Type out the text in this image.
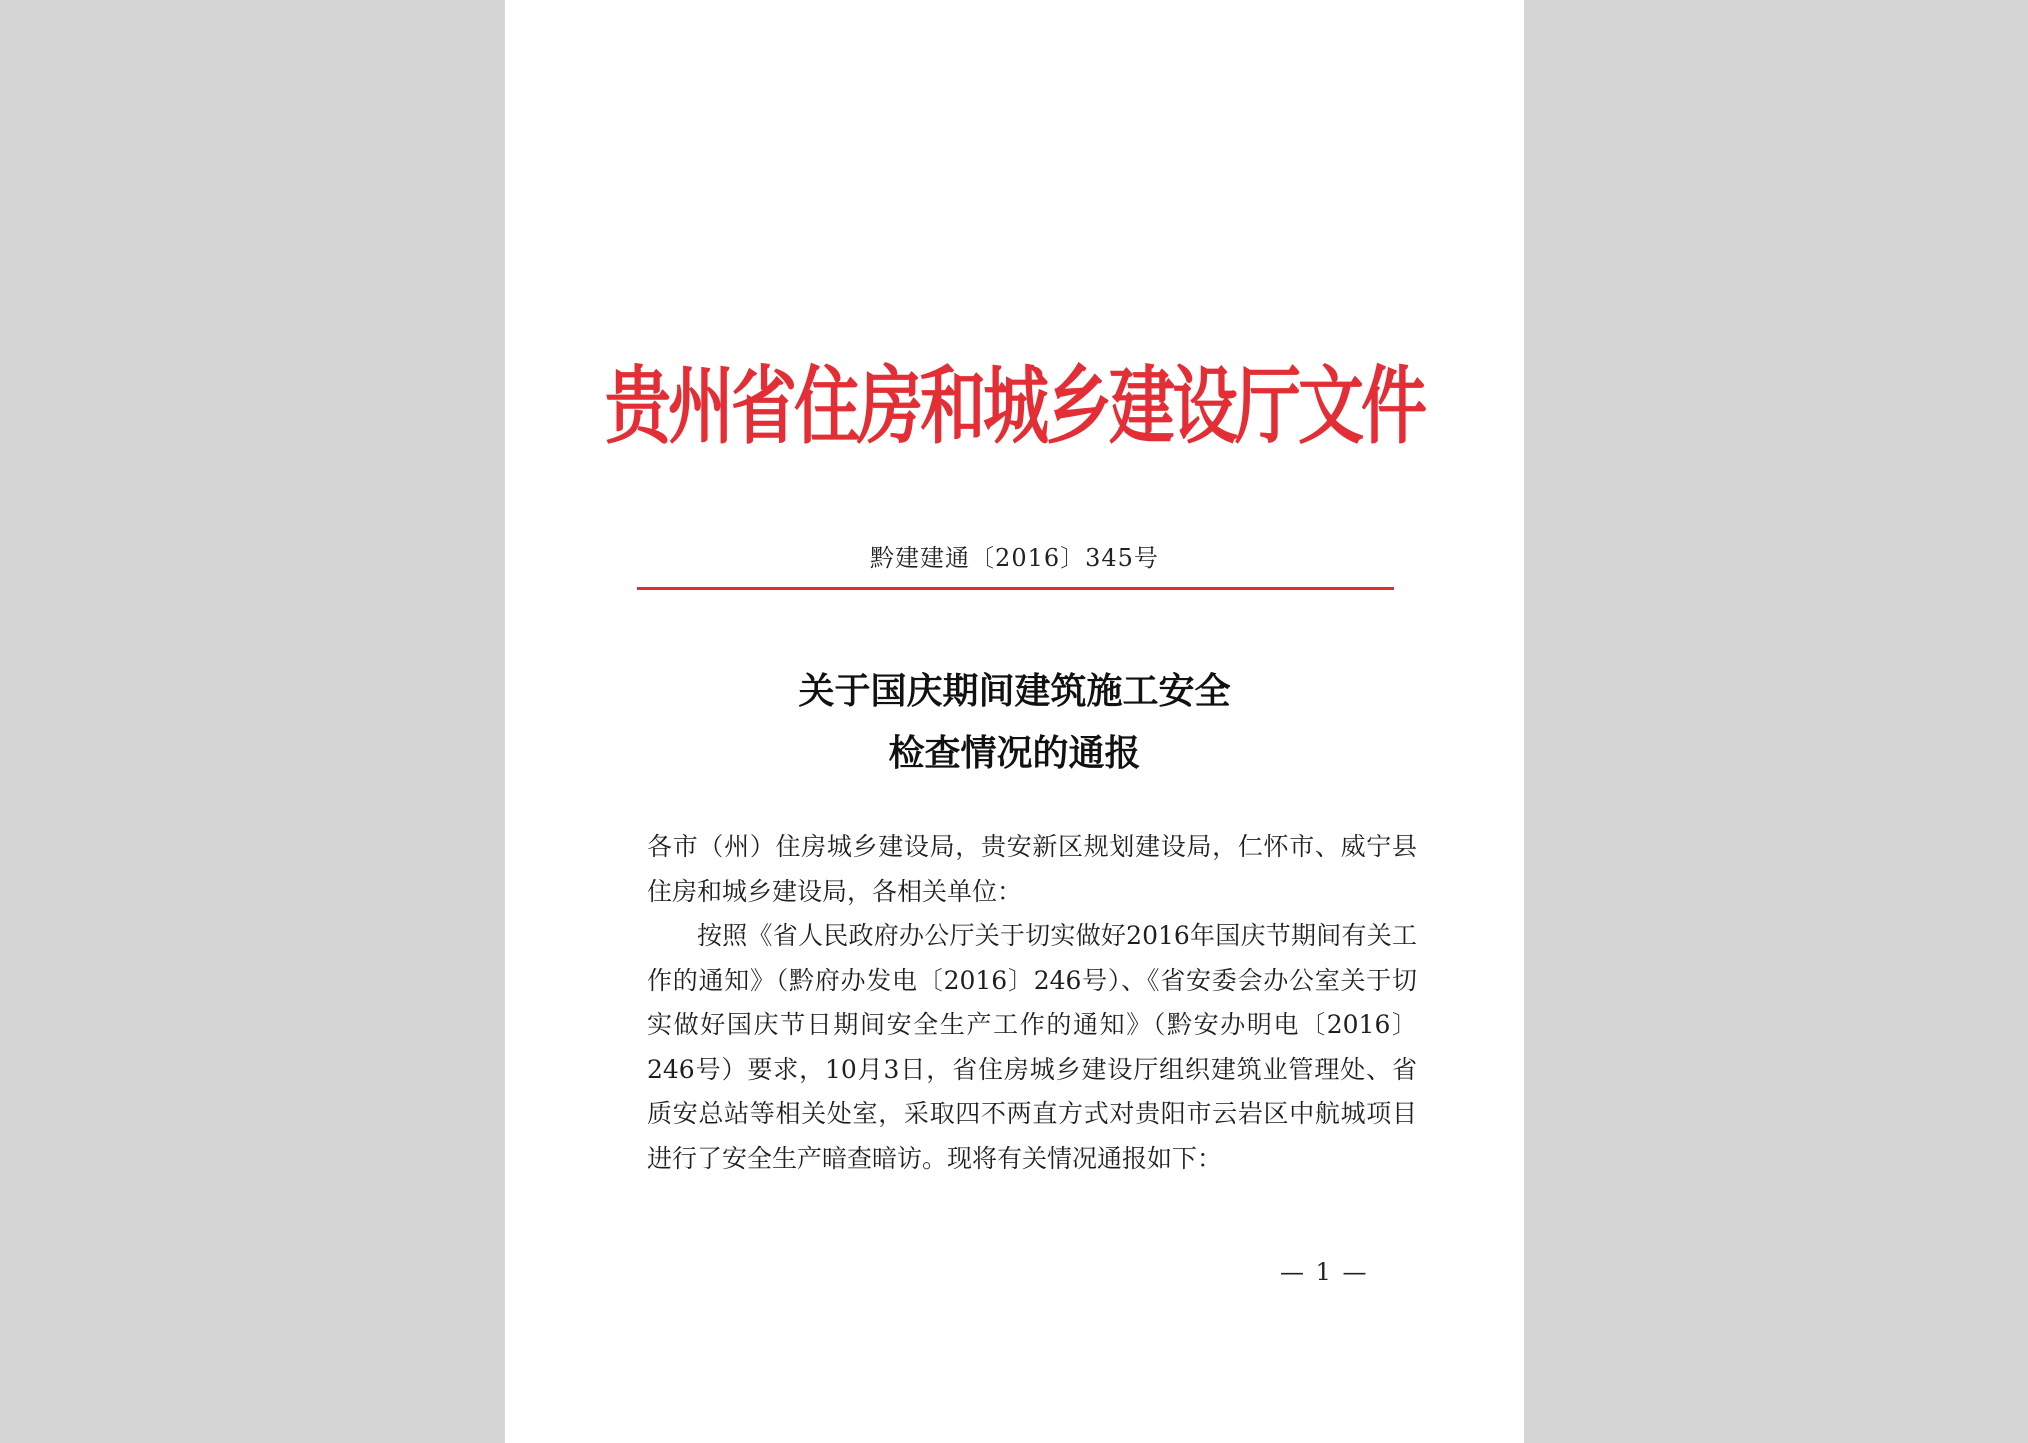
贵州省住房和城乡建设厅文件
黔建建通〔2016〕345号
关于国庆期间建筑施工安全
检查情况的通报

各市（州）住房城乡建设局，贵安新区规划建设局，仁怀市、威宁县住房和城乡建设局，各相关单位：

按照《省人民政府办公厅关于切实做好2016年国庆节期间有关工作的通知》（黔府办发电〔2016〕246号）、《省安委会办公室关于切实做好国庆节日期间安全生产工作的通知》（黔安办明电〔2016〕246号）要求，10月3日，省住房城乡建设厅组织建筑业管理处、省质安总站等相关处室，采取四不两直方式对贵阳市云岩区中航城项目进行了安全生产暗查暗访。现将有关情况通报如下：

— 1 —
